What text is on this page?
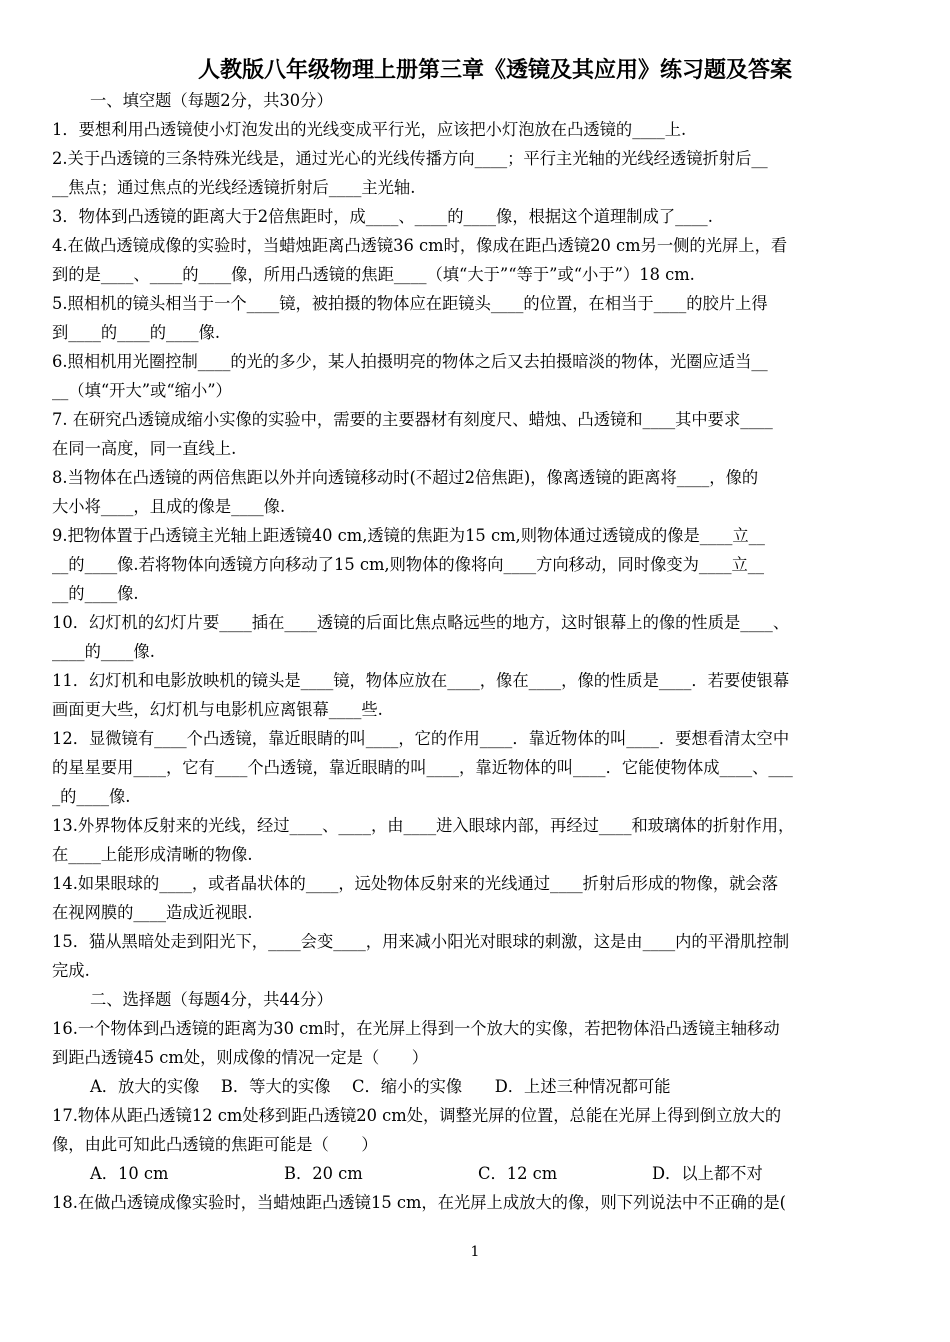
人教版八年级物理上册第三章《透镜及其应用》练习题及答案
一、填空题（每题2分，共30分）
1．要想利用凸透镜使小灯泡发出的光线变成平行光，应该把小灯泡放在凸透镜的____上.
2.关于凸透镜的三条特殊光线是，通过光心的光线传播方向____；平行主光轴的光线经透镜折射后__
__焦点；通过焦点的光线经透镜折射后____主光轴.
3．物体到凸透镜的距离大于2倍焦距时，成____、____的____像，根据这个道理制成了____.
4.在做凸透镜成像的实验时，当蜡烛距离凸透镜36 cm时，像成在距凸透镜20 cm另一侧的光屏上，看
到的是____、____的____像，所用凸透镜的焦距____（填“大于”“等于”或“小于”）18 cm.
5.照相机的镜头相当于一个____镜，被拍摄的物体应在距镜头____的位置，在相当于____的胶片上得
到____的____的____像.
6.照相机用光圈控制____的光的多少，某人拍摄明亮的物体之后又去拍摄暗淡的物体，光圈应适当__
__（填“开大”或“缩小”）
7. 在研究凸透镜成缩小实像的实验中，需要的主要器材有刻度尺、蜡烛、凸透镜和____其中要求____
在同一高度，同一直线上.
8.当物体在凸透镜的两倍焦距以外并向透镜移动时(不超过2倍焦距)，像离透镜的距离将____，像的
大小将____，且成的像是____像.
9.把物体置于凸透镜主光轴上距透镜40 cm,透镜的焦距为15 cm,则物体通过透镜成的像是____立__
__的____像.若将物体向透镜方向移动了15 cm,则物体的像将向____方向移动，同时像变为____立__
__的____像.
10．幻灯机的幻灯片要____插在____透镜的后面比焦点略远些的地方，这时银幕上的像的性质是____、
____的____像.
11．幻灯机和电影放映机的镜头是____镜，物体应放在____，像在____，像的性质是____．若要使银幕
画面更大些，幻灯机与电影机应离银幕____些.
12．显微镜有____个凸透镜，靠近眼睛的叫____，它的作用____．靠近物体的叫____．要想看清太空中
的星星要用____，它有____个凸透镜，靠近眼睛的叫____，靠近物体的叫____．它能使物体成____、___
_的____像.
13.外界物体反射来的光线，经过____、____，由____进入眼球内部，再经过____和玻璃体的折射作用，
在____上能形成清晰的物像.
14.如果眼球的____，或者晶状体的____，远处物体反射来的光线通过____折射后形成的物像，就会落
在视网膜的____造成近视眼.
15．猫从黑暗处走到阳光下，____会变____，用来减小阳光对眼球的刺激，这是由____内的平滑肌控制
完成.
二、选择题（每题4分，共44分）
16.一个物体到凸透镜的距离为30 cm时，在光屏上得到一个放大的实像，若把物体沿凸透镜主轴移动
到距凸透镜45 cm处，则成像的情况一定是（　　）
A．放大的实像　 B．等大的实像　 C．缩小的实像　　D．上述三种情况都可能
17.物体从距凸透镜12 cm处移到距凸透镜20 cm处，调整光屏的位置，总能在光屏上得到倒立放大的
像，由此可知此凸透镜的焦距可能是（　　）
A．10 cm	B．20 cm	C．12 cm	D．以上都不对
18.在做凸透镜成像实验时，当蜡烛距凸透镜15 cm，在光屏上成放大的像，则下列说法中不正确的是(
1
